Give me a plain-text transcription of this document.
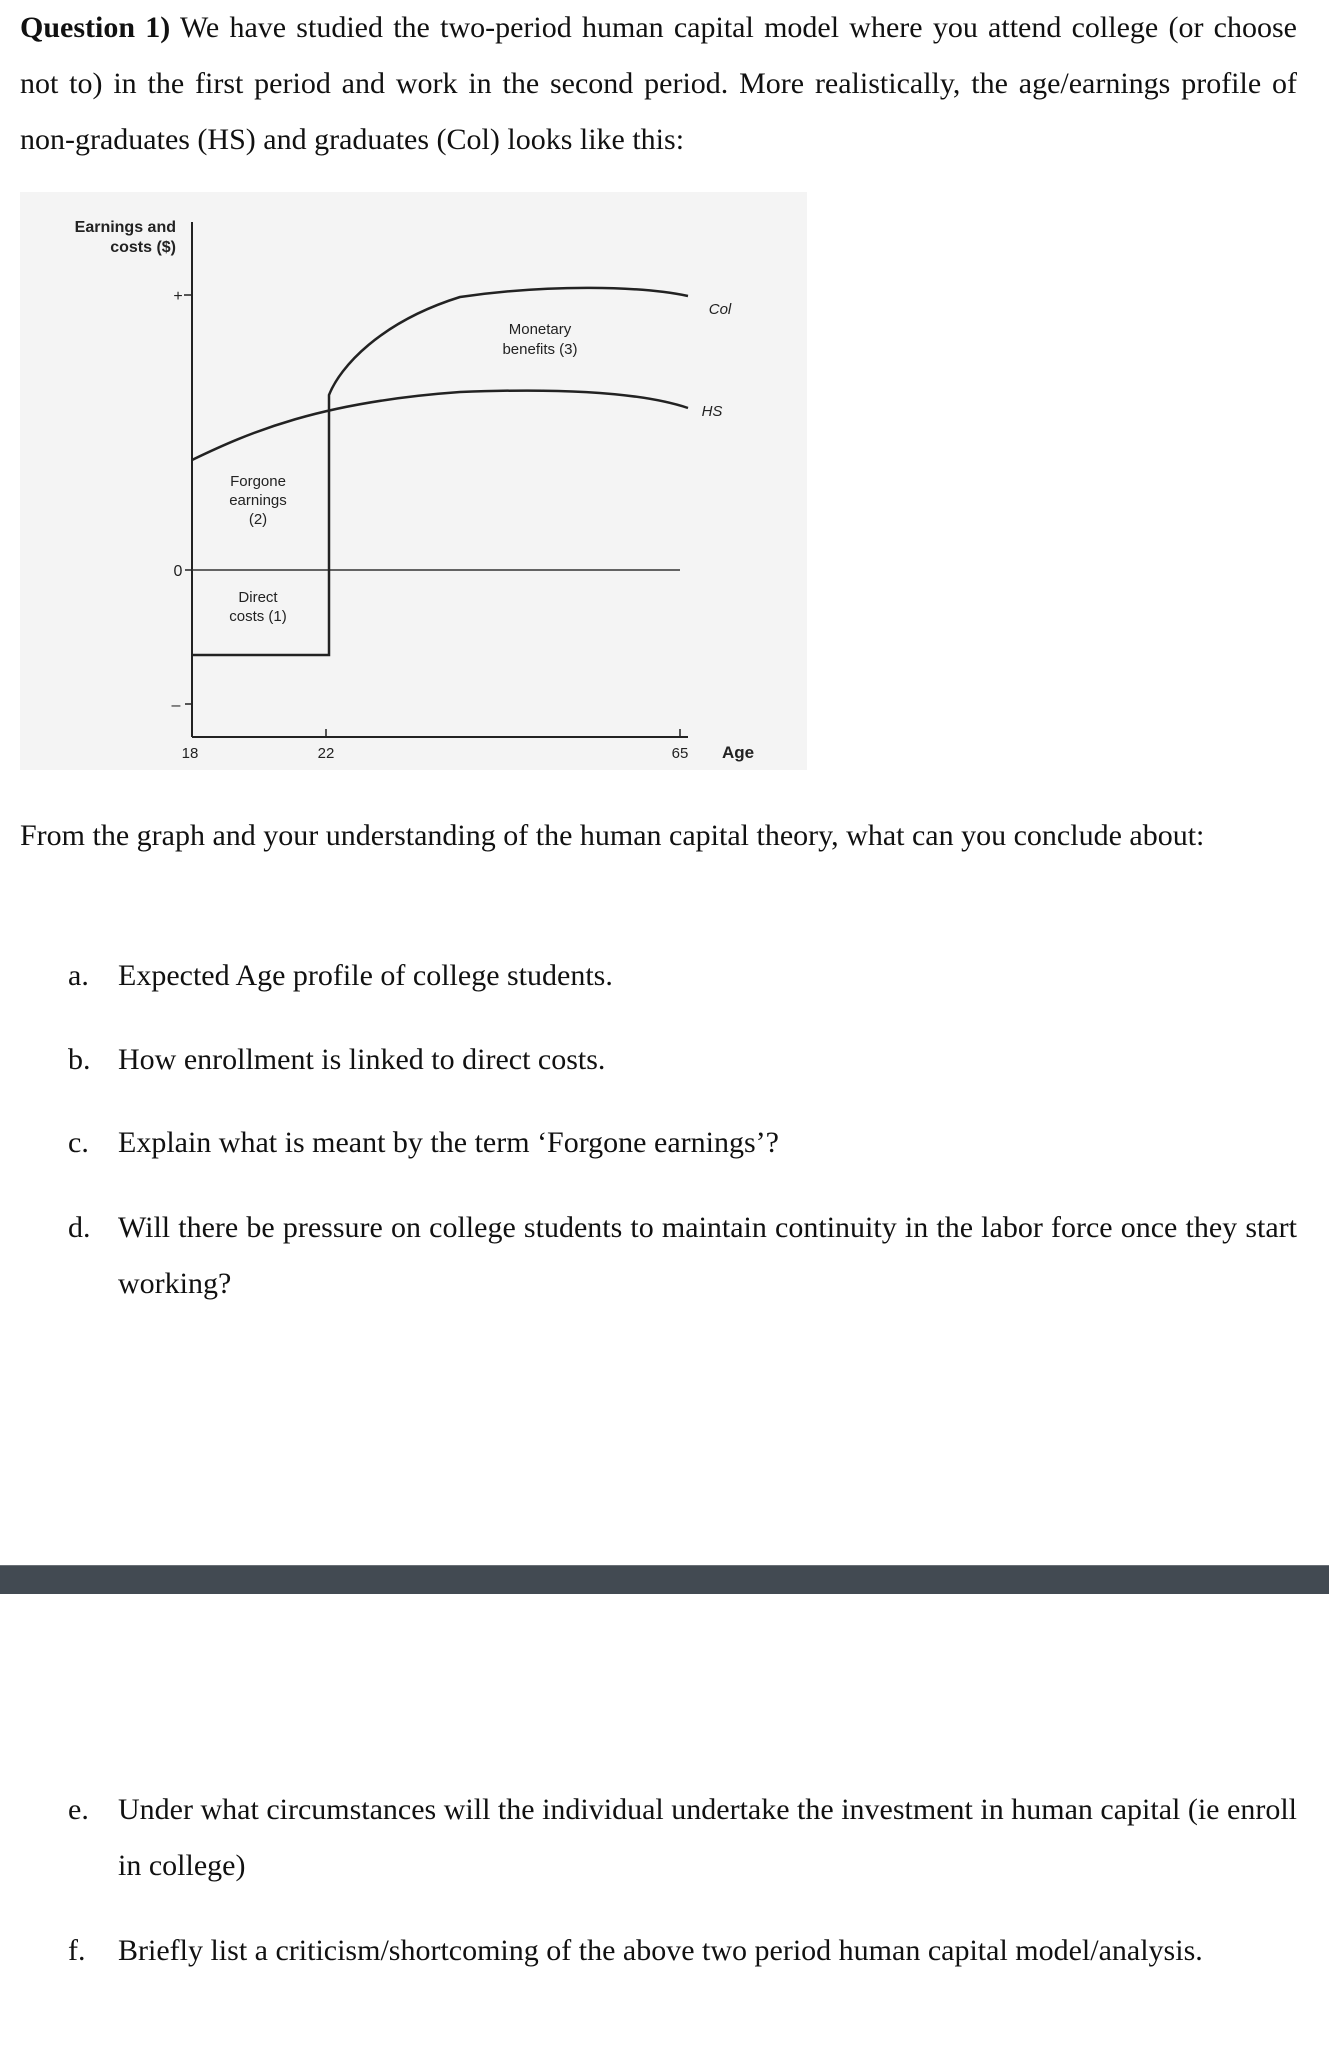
Question 1) We have studied the two-period human capital model where you attend college (or choose not to) in the first period and work in the second period. More realistically, the age/earnings profile of non-graduates (HS) and graduates (Col) looks like this:

Earnings and
costs ($)
+
0
–
18	22	65 Age
Col
HS
Monetary
benefits (3)
Forgone
earnings
(2)
Direct
costs (1)

From the graph and your understanding of the human capital theory, what can you conclude about:

a. Expected Age profile of college students.
b. How enrollment is linked to direct costs.
c. Explain what is meant by the term ‘Forgone earnings’?
d. Will there be pressure on college students to maintain continuity in the labor force once they start working?
e. Under what circumstances will the individual undertake the investment in human capital (ie enroll in college)
f. Briefly list a criticism/shortcoming of the above two period human capital model/analysis.
